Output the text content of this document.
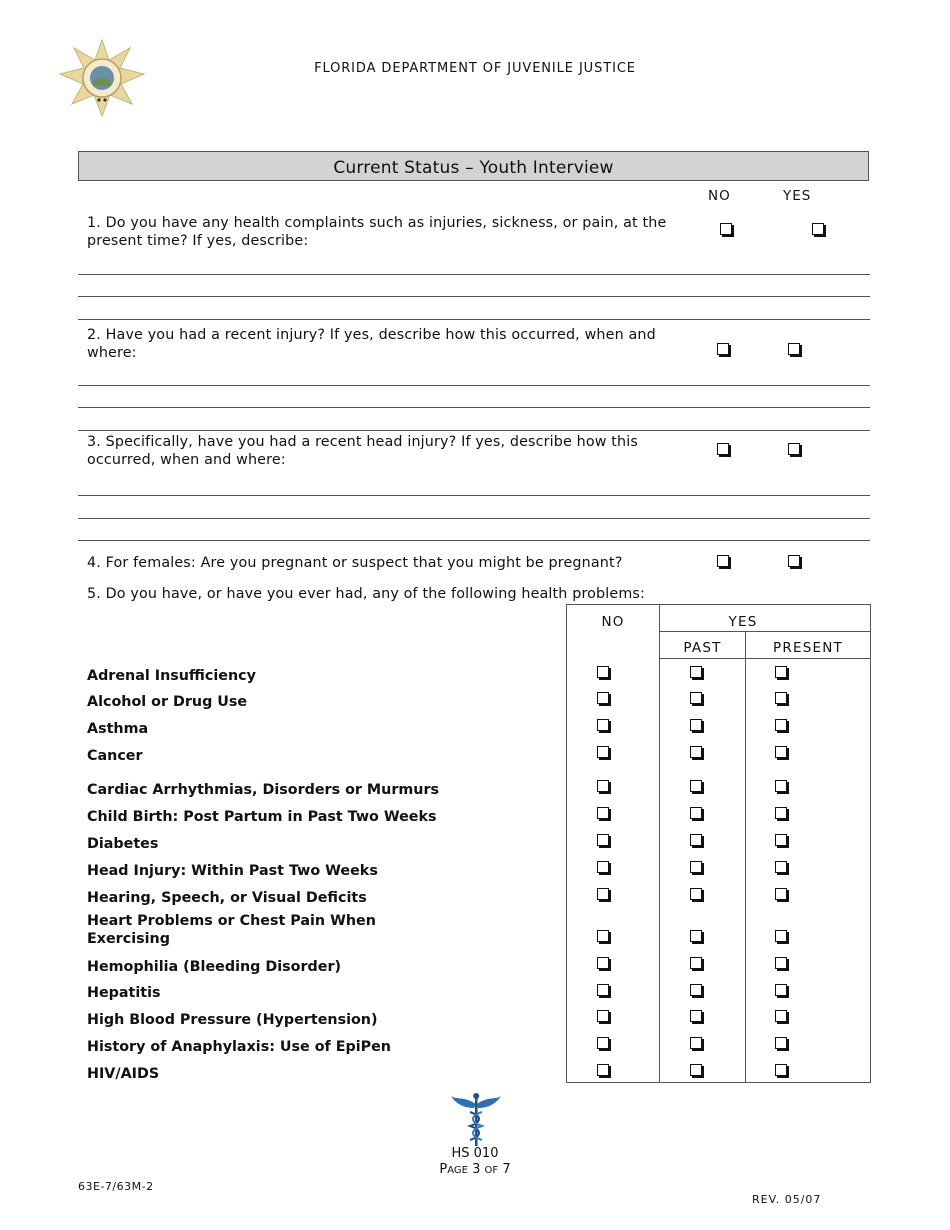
FLORIDA DEPARTMENT OF JUVENILE JUSTICE
Current Status – Youth Interview
NO	YES
1. Do you have any health complaints such as injuries, sickness, or pain, at the present time? If yes, describe:
2. Have you had a recent injury? If yes, describe how this occurred, when and where:
3. Specifically, have you had a recent head injury? If yes, describe how this occurred, when and where:
4. For females: Are you pregnant or suspect that you might be pregnant?
5. Do you have, or have you ever had, any of the following health problems:
NO	YES
PAST	PRESENT
Adrenal Insufficiency
Alcohol or Drug Use
Asthma
Cancer
Cardiac Arrhythmias, Disorders or Murmurs
Child Birth: Post Partum in Past Two Weeks
Diabetes
Head Injury: Within Past Two Weeks
Hearing, Speech, or Visual Deficits
Heart Problems or Chest Pain When Exercising
Hemophilia (Bleeding Disorder)
Hepatitis
High Blood Pressure (Hypertension)
History of Anaphylaxis: Use of EpiPen
HIV/AIDS
HS 010
PAGE 3 OF 7
63E-7/63M-2
REV. 05/07
